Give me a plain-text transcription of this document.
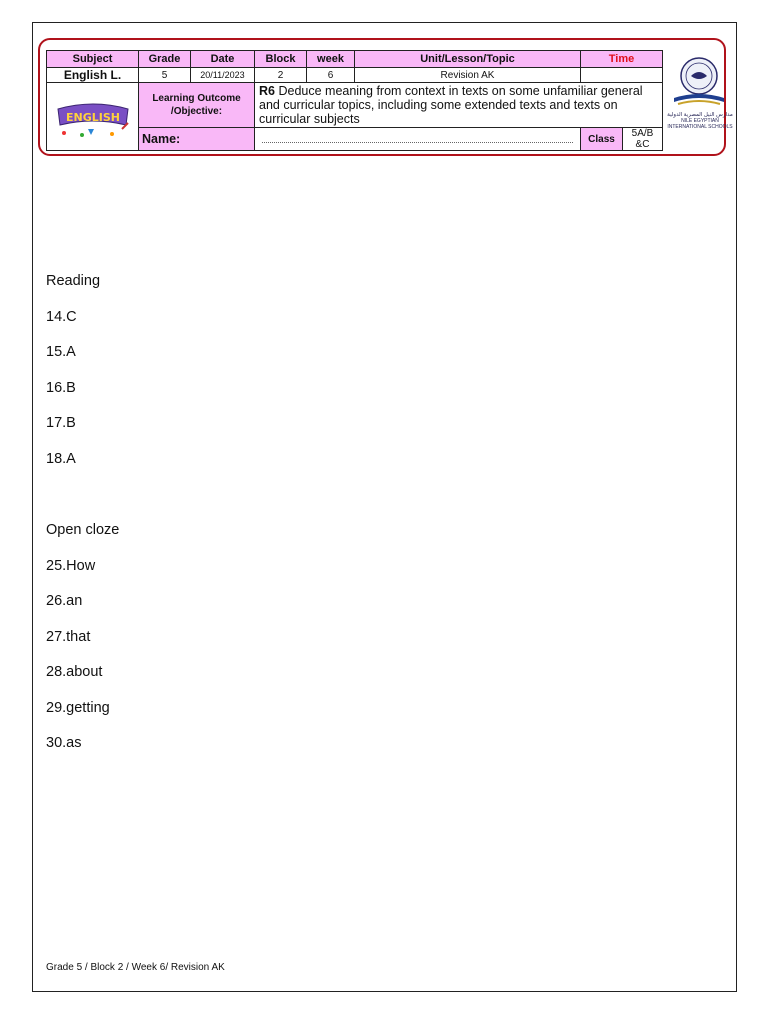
Subject	Grade	Date	Block	week	Unit/Lesson/Topic	Time	
English L.	5	20/11/2023	2	6	Revision AK		

ENGLISH	Learning Outcome /Objective:		R6 Deduce meaning from context in texts on some unfamiliar general and curricular topics, including some extended texts and texts on curricular subjects				
	Name:					Class	5A/B &C
مدارس النيل المصرية الدولية
NILE EGYPTIAN INTERNATIONAL SCHOOLS
Reading
14.C
15.A
16.B
17.B
18.A
Open cloze
25.How
26.an
27.that
28.about
29.getting
30.as
Grade 5 / Block 2 / Week 6/ Revision AK
